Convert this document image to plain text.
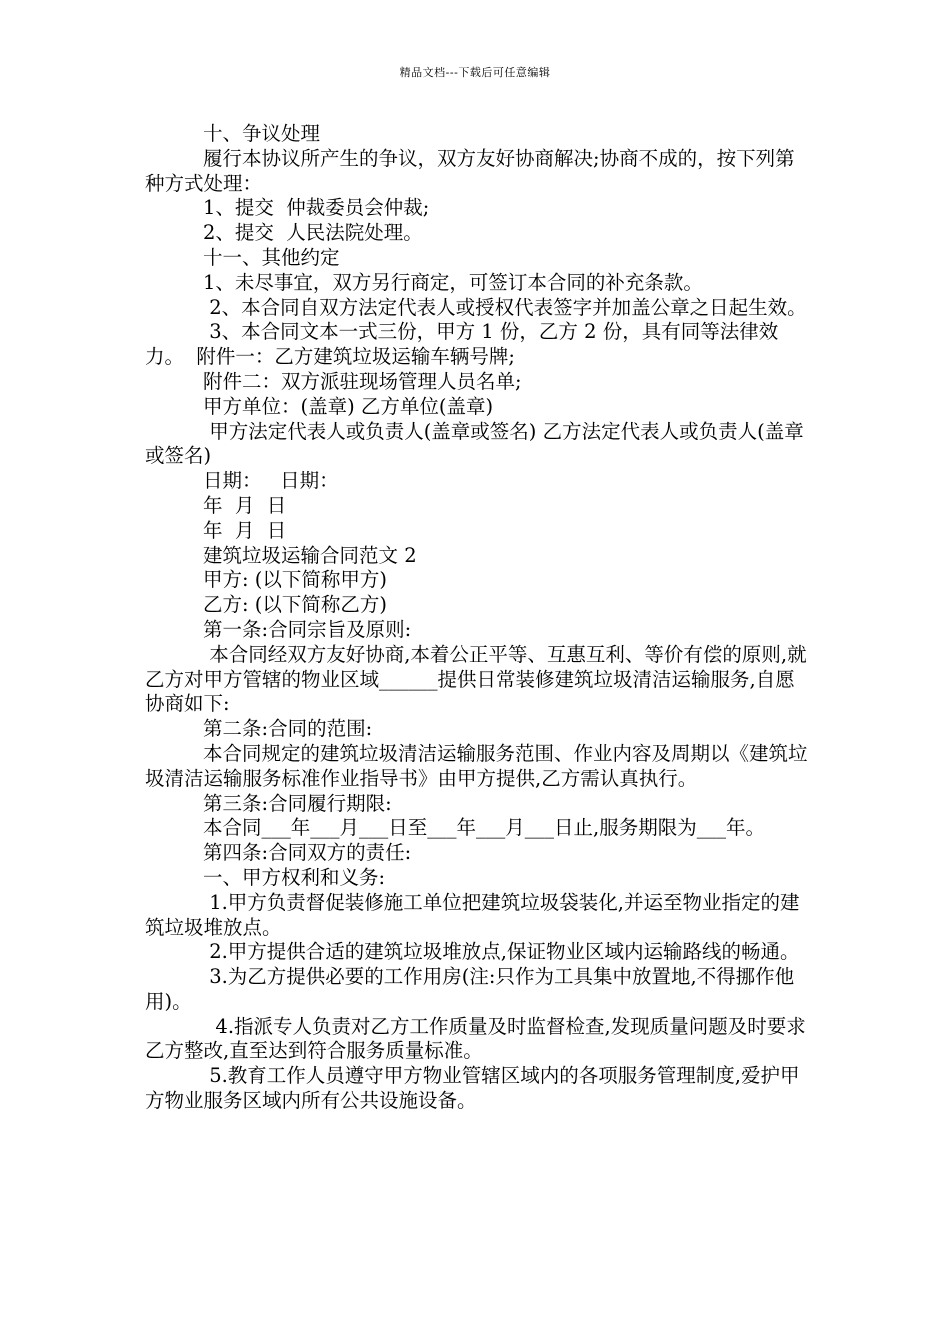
精品文档---下载后可任意编辑

十、争议处理

履行本协议所产生的争议，双方友好协商解决;协商不成的，按下列第  种方式处理：

1、提交  仲裁委员会仲裁;

2、提交  人民法院处理。

十一、其他约定

1、未尽事宜，双方另行商定，可签订本合同的补充条款。

2、本合同自双方法定代表人或授权代表签字并加盖公章之日起生效。

3、本合同文本一式三份，甲方 1 份，乙方 2 份，具有同等法律效力。  附件一：乙方建筑垃圾运输车辆号牌;

附件二：双方派驻现场管理人员名单;

甲方单位：(盖章) 乙方单位(盖章)

甲方法定代表人或负责人(盖章或签名) 乙方法定代表人或负责人(盖章或签名)

日期：   日期：

年  月  日

年  月  日

建筑垃圾运输合同范文 2

甲方: (以下简称甲方)

乙方: (以下简称乙方)

第一条:合同宗旨及原则:

本合同经双方友好协商,本着公正平等、互惠互利、等价有偿的原则,就乙方对甲方管辖的物业区域______提供日常装修建筑垃圾清洁运输服务,自愿协商如下:

第二条:合同的范围:

本合同规定的建筑垃圾清洁运输服务范围、作业内容及周期以《建筑垃圾清洁运输服务标准作业指导书》由甲方提供,乙方需认真执行。

第三条:合同履行期限:

本合同___年___月___日至___年___月___日止,服务期限为___年。

第四条:合同双方的责任:

一、甲方权利和义务:

1.甲方负责督促装修施工单位把建筑垃圾袋装化,并运至物业指定的建筑垃圾堆放点。

2.甲方提供合适的建筑垃圾堆放点,保证物业区域内运输路线的畅通。

3.为乙方提供必要的工作用房(注:只作为工具集中放置地,不得挪作他用)。

4.指派专人负责对乙方工作质量及时监督检查,发现质量问题及时要求乙方整改,直至达到符合服务质量标准。

5.教育工作人员遵守甲方物业管辖区域内的各项服务管理制度,爱护甲方物业服务区域内所有公共设施设备。
